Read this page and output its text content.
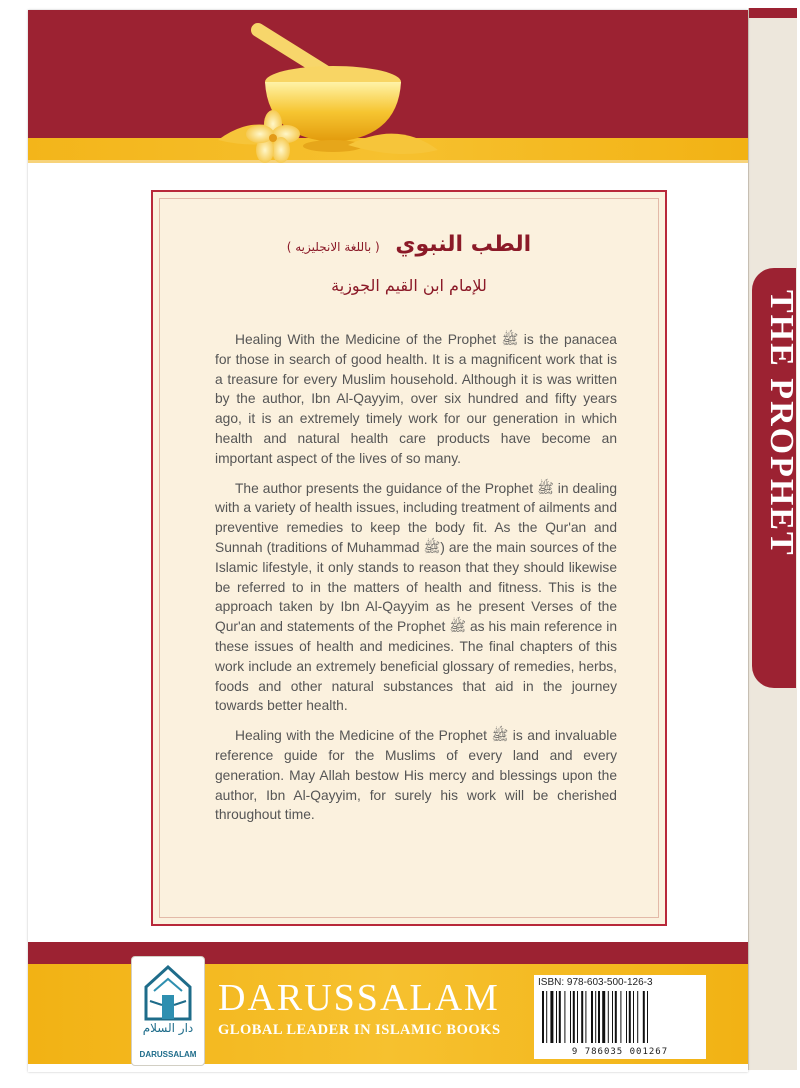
THE PROPHET
الطب النبوي ( باللغة الانجليزيه )
للإمام ابن القيم الجوزية

Healing With the Medicine of the Prophet ﷺ is the panacea for those in search of good health. It is a magnificent work that is a treasure for every Muslim household. Although it is was written by the author, Ibn Al-Qayyim, over six hundred and fifty years ago, it is an extremely timely work for our generation in which health and natural health care products have become an important aspect of the lives of so many.

The author presents the guidance of the Prophet ﷺ in dealing with a variety of health issues, including treatment of ailments and preventive remedies to keep the body fit. As the Qur'an and Sunnah (traditions of Muhammad ﷺ) are the main sources of the Islamic lifestyle, it only stands to reason that they should likewise be referred to in the matters of health and fitness. This is the approach taken by Ibn Al-Qayyim as he present Verses of the Qur'an and statements of the Prophet ﷺ as his main reference in these issues of health and medicines. The final chapters of this work include an extremely beneficial glossary of remedies, herbs, foods and other natural substances that aid in the journey towards better health.

Healing with the Medicine of the Prophet ﷺ is and invaluable reference guide for the Muslims of every land and every generation. May Allah bestow His mercy and blessings upon the author, Ibn Al-Qayyim, for surely his work will be cherished throughout time.

دار السلام
DARUSSALAM
DARUSSALAM
GLOBAL LEADER IN ISLAMIC BOOKS
ISBN: 978-603-500-126-3
9 786035 001267
